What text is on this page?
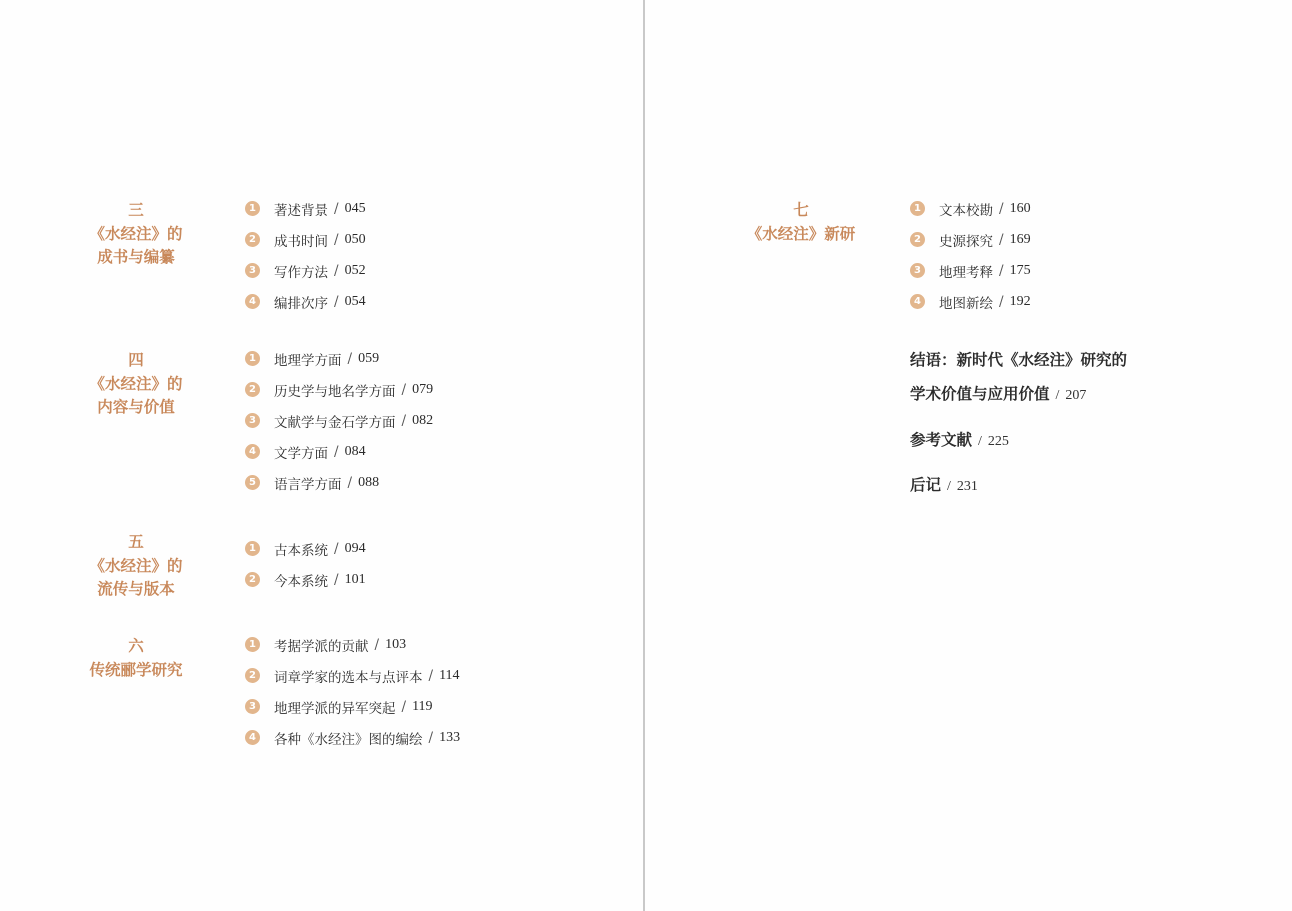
三
《水经注》的
成书与编纂
1 著述背景 / 045
2 成书时间 / 050
3 写作方法 / 052
4 编排次序 / 054
四
《水经注》的
内容与价值
1 地理学方面 / 059
2 历史学与地名学方面 / 079
3 文献学与金石学方面 / 082
4 文学方面 / 084
5 语言学方面 / 088
五
《水经注》的
流传与版本
1 古本系统 / 094
2 今本系统 / 101
六
传统郦学研究
1 考据学派的贡献 / 103
2 词章学家的选本与点评本 / 114
3 地理学派的异军突起 / 119
4 各种《水经注》图的编绘 / 133
七
《水经注》新研
1 文本校勘 / 160
2 史源探究 / 169
3 地理考释 / 175
4 地图新绘 / 192
结语：新时代《水经注》研究的
学术价值与应用价值 / 207
参考文献 / 225
后记 / 231
